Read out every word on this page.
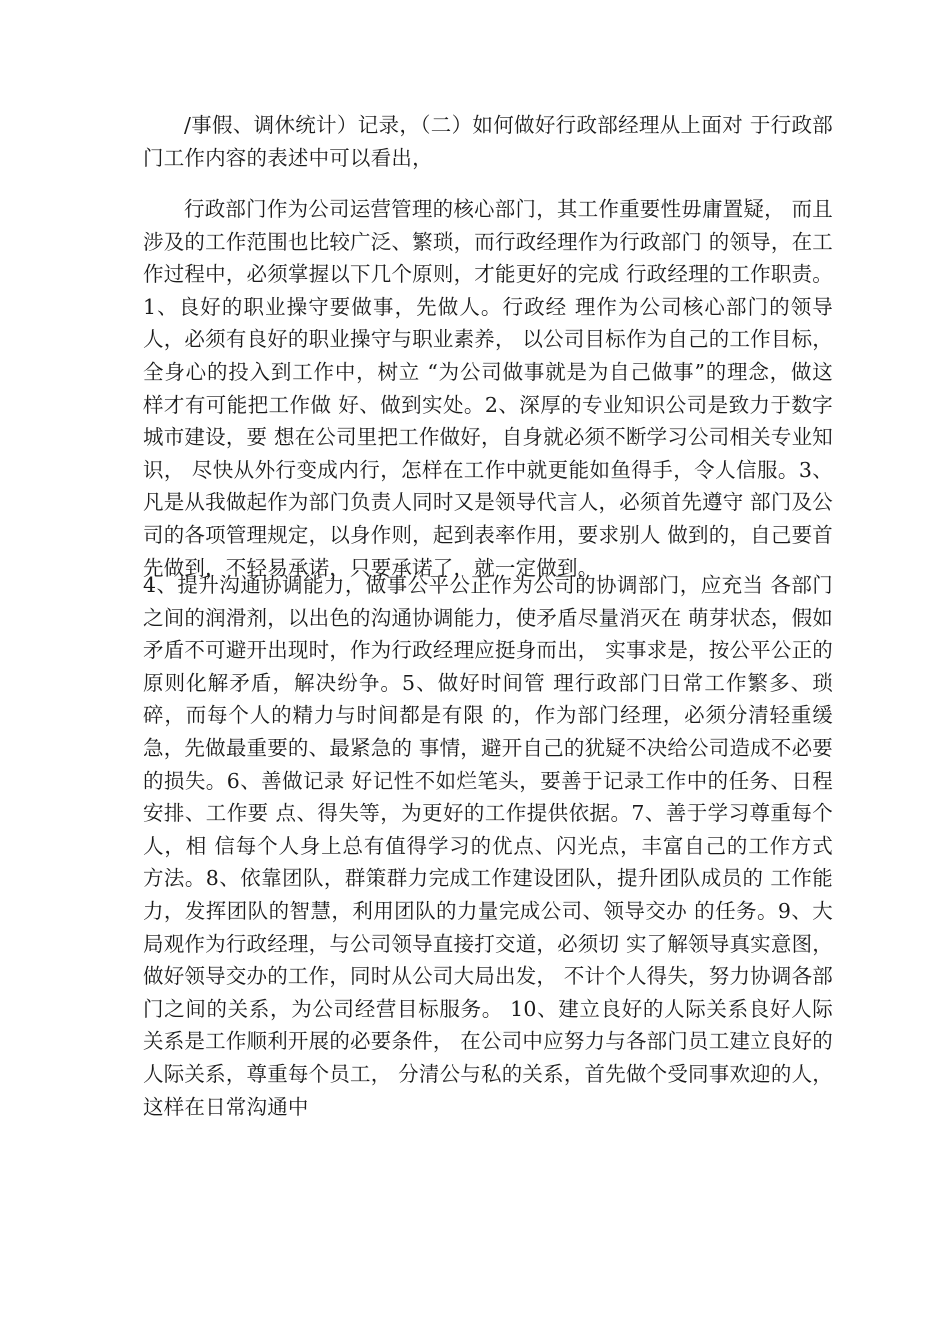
/事假、调休统计）记录，（二）如何做好行政部经理从上面对 于行政部门工作内容的表述中可以看出，

行政部门作为公司运营管理的核心部门，其工作重要性毋庸置疑， 而且涉及的工作范围也比较广泛、繁琐，而行政经理作为行政部门 的领导，在工作过程中，必须掌握以下几个原则，才能更好的完成 行政经理的工作职责。1、良好的职业操守要做事，先做人。行政经 理作为公司核心部门的领导人，必须有良好的职业操守与职业素养， 以公司目标作为自己的工作目标，全身心的投入到工作中，树立 “为公司做事就是为自己做事”的理念，做这样才有可能把工作做 好、做到实处。2、深厚的专业知识公司是致力于数字城市建设，要 想在公司里把工作做好，自身就必须不断学习公司相关专业知识， 尽快从外行变成内行，怎样在工作中就更能如鱼得手，令人信服。3、 凡是从我做起作为部门负责人同时又是领导代言人，必须首先遵守 部门及公司的各项管理规定，以身作则，起到表率作用，要求别人 做到的，自己要首先做到，不轻易承诺，只要承诺了，就一定做到。

4、提升沟通协调能力，做事公平公正作为公司的协调部门，应充当 各部门之间的润滑剂，以出色的沟通协调能力，使矛盾尽量消灭在 萌芽状态，假如矛盾不可避开出现时，作为行政经理应挺身而出， 实事求是，按公平公正的原则化解矛盾，解决纷争。5、做好时间管 理行政部门日常工作繁多、琐碎，而每个人的精力与时间都是有限 的，作为部门经理，必须分清轻重缓急，先做最重要的、最紧急的 事情，避开自己的犹疑不决给公司造成不必要的损失。6、善做记录 好记性不如烂笔头，要善于记录工作中的任务、日程安排、工作要 点、得失等，为更好的工作提供依据。7、善于学习尊重每个人，相 信每个人身上总有值得学习的优点、闪光点，丰富自己的工作方式 方法。8、依靠团队，群策群力完成工作建设团队，提升团队成员的 工作能力，发挥团队的智慧，利用团队的力量完成公司、领导交办 的任务。9、大局观作为行政经理，与公司领导直接打交道，必须切 实了解领导真实意图，做好领导交办的工作，同时从公司大局出发， 不计个人得失，努力协调各部门之间的关系，为公司经营目标服务。 10、建立良好的人际关系良好人际关系是工作顺利开展的必要条件， 在公司中应努力与各部门员工建立良好的人际关系，尊重每个员工， 分清公与私的关系，首先做个受同事欢迎的人，这样在日常沟通中
